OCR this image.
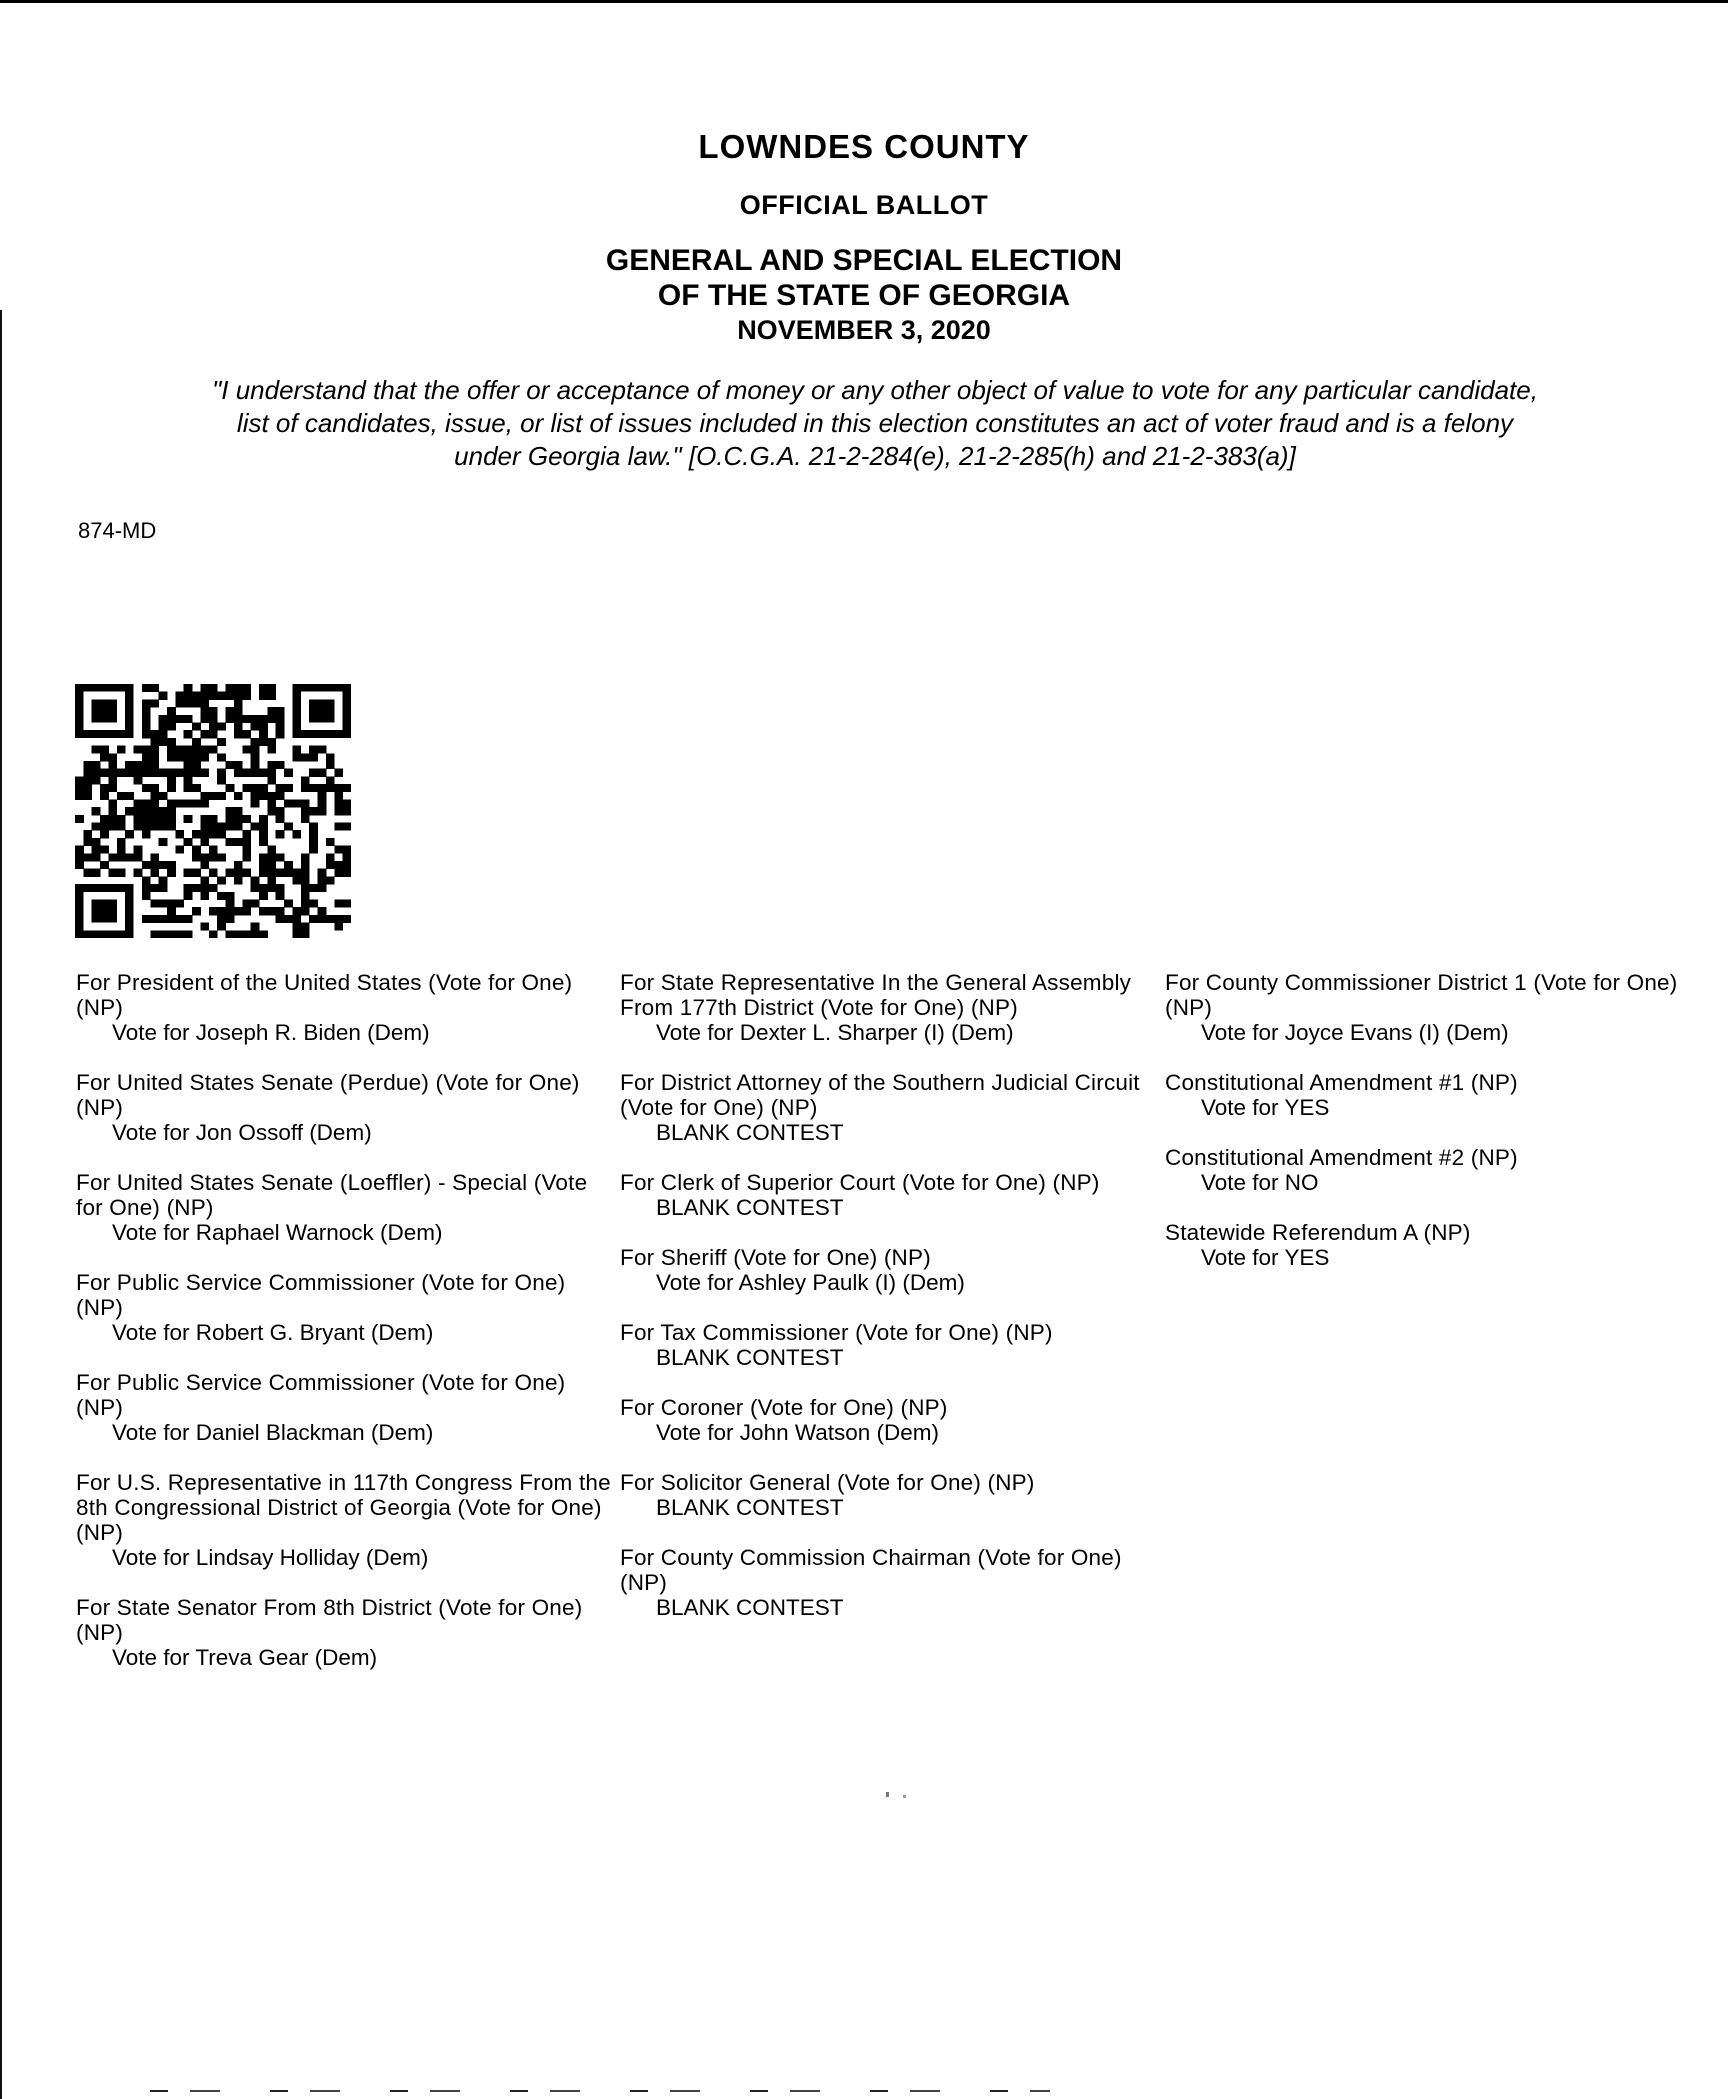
LOWNDES COUNTY
OFFICIAL BALLOT
GENERAL AND SPECIAL ELECTION
OF THE STATE OF GEORGIA
NOVEMBER 3, 2020
"I understand that the offer or acceptance of money or any other object of value to vote for any particular candidate,
list of candidates, issue, or list of issues included in this election constitutes an act of voter fraud and is a felony
under Georgia law." [O.C.G.A. 21-2-284(e), 21-2-285(h) and 21-2-383(a)]
874-MD
For President of the United States (Vote for One) (NP)
Vote for Joseph R. Biden (Dem)
For United States Senate (Perdue) (Vote for One) (NP)
Vote for Jon Ossoff (Dem)
For United States Senate (Loeffler) - Special (Vote for One) (NP)
Vote for Raphael Warnock (Dem)
For Public Service Commissioner (Vote for One) (NP)
Vote for Robert G. Bryant (Dem)
For Public Service Commissioner (Vote for One) (NP)
Vote for Daniel Blackman (Dem)
For U.S. Representative in 117th Congress From the 8th Congressional District of Georgia (Vote for One) (NP)
Vote for Lindsay Holliday (Dem)
For State Senator From 8th District (Vote for One) (NP)
Vote for Treva Gear (Dem)
For State Representative In the General Assembly From 177th District (Vote for One) (NP)
Vote for Dexter L. Sharper (I) (Dem)
For District Attorney of the Southern Judicial Circuit (Vote for One) (NP)
BLANK CONTEST
For Clerk of Superior Court (Vote for One) (NP)
BLANK CONTEST
For Sheriff (Vote for One) (NP)
Vote for Ashley Paulk (I) (Dem)
For Tax Commissioner (Vote for One) (NP)
BLANK CONTEST
For Coroner (Vote for One) (NP)
Vote for John Watson (Dem)
For Solicitor General (Vote for One) (NP)
BLANK CONTEST
For County Commission Chairman (Vote for One) (NP)
BLANK CONTEST
For County Commissioner District 1 (Vote for One) (NP)
Vote for Joyce Evans (I) (Dem)
Constitutional Amendment #1 (NP)
Vote for YES
Constitutional Amendment #2 (NP)
Vote for NO
Statewide Referendum A (NP)
Vote for YES
